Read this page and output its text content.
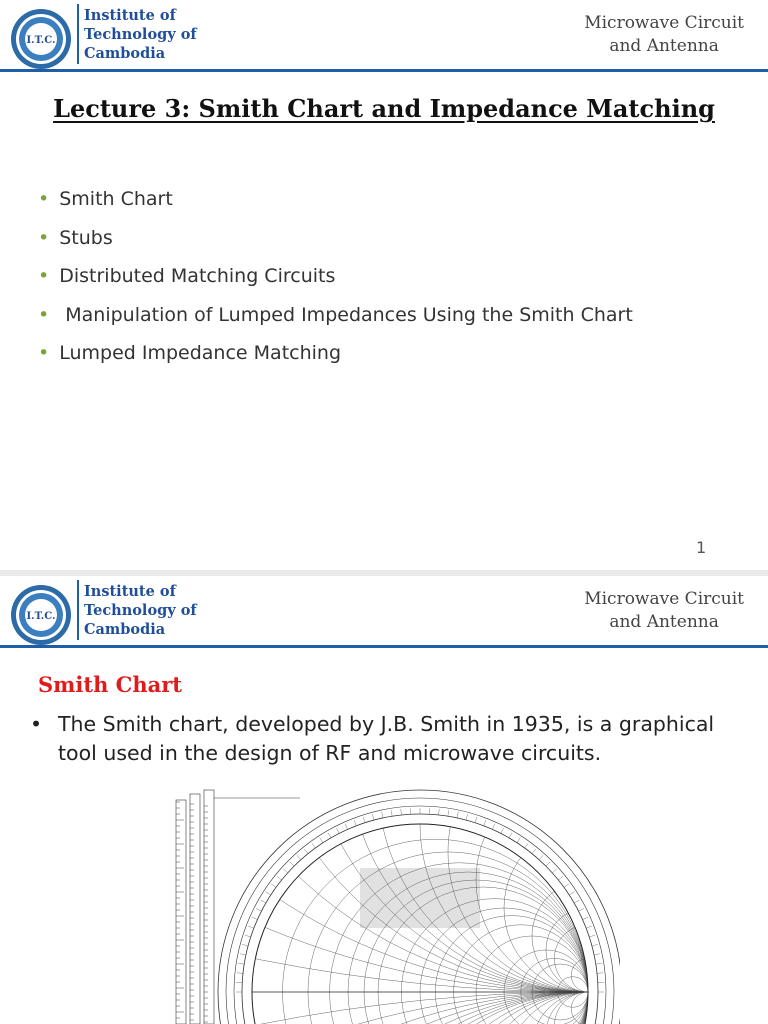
I.T.C.
Institute of
Technology of
Cambodia
Microwave Circuit
and Antenna
Lecture 3: Smith Chart and Impedance Matching
• Smith Chart
• Stubs
• Distributed Matching Circuits
• Manipulation of Lumped Impedances Using the Smith Chart
• Lumped Impedance Matching
1
I.T.C.
Institute of
Technology of
Cambodia
Microwave Circuit
and Antenna
Smith Chart
• The Smith chart, developed by J.B. Smith in 1935, is a graphical tool used in the design of RF and microwave circuits.
